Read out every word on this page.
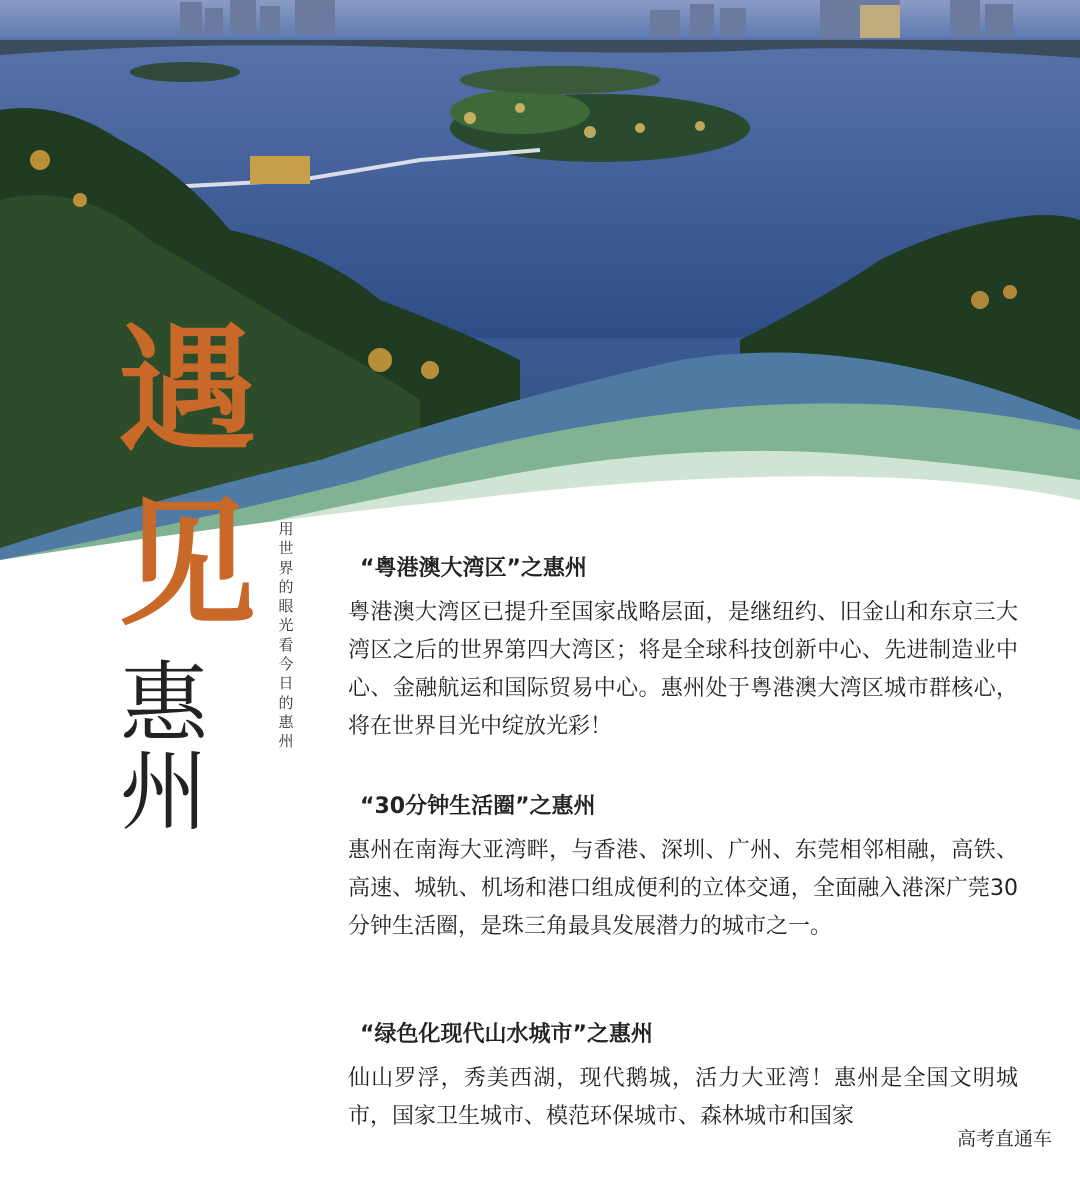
遇
见
惠州
用世界的眼光看今日的惠州
“粤港澳大湾区”之惠州

粤港澳大湾区已提升至国家战略层面，是继纽约、旧金山和东京三大湾区之后的世界第四大湾区；将是全球科技创新中心、先进制造业中心、金融航运和国际贸易中心。惠州处于粤港澳大湾区城市群核心，将在世界目光中绽放光彩！

“30分钟生活圈”之惠州

惠州在南海大亚湾畔，与香港、深圳、广州、东莞相邻相融，高铁、高速、城轨、机场和港口组成便利的立体交通，全面融入港深广莞30分钟生活圈，是珠三角最具发展潜力的城市之一。

“绿色化现代山水城市”之惠州

仙山罗浮，秀美西湖，现代鹅城，活力大亚湾！惠州是全国文明城市，国家卫生城市、模范环保城市、森林城市和国家

高考直通车
